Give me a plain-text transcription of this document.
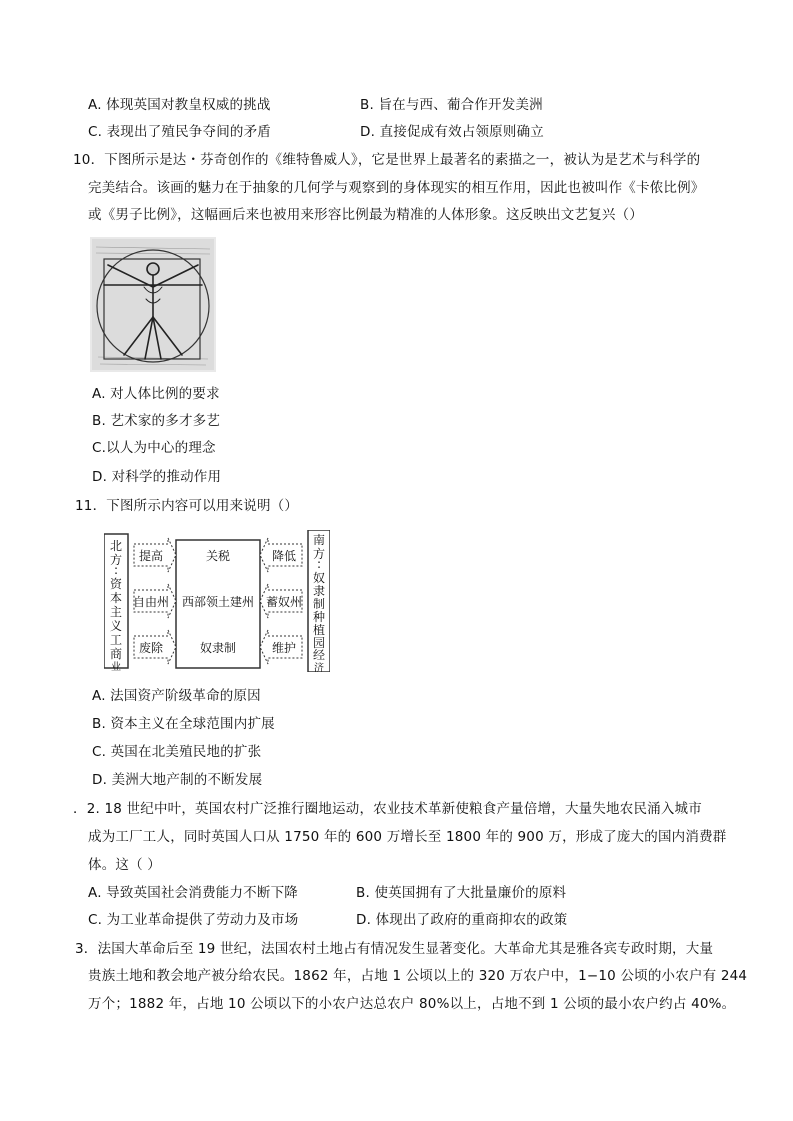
A. 体现英国对教皇权威的挑战	B. 旨在与西、葡合作开发美洲
C. 表现出了殖民争夺间的矛盾	D. 直接促成有效占领原则确立
10．下图所示是达・芬奇创作的《维特鲁威人》，它是世界上最著名的素描之一，被认为是艺术与科学的
完美结合。该画的魅力在于抽象的几何学与观察到的身体现实的相互作用，因此也被叫作《卡侬比例》
或《男子比例》，这幅画后来也被用来形容比例最为精准的人体形象。这反映出文艺复兴（）
A. 对人体比例的要求
B. 艺术家的多才多艺
C.以人为中心的理念
D. 对科学的推动作用
11．下图所示内容可以用来说明（）
北
方
:
资
本
主
义
工
商
业
南
方
:
奴
隶
制
种
植
园
经
济
提高
自由州
废除
关税
西部领土建州
奴隶制
降低
蓄奴州
维护
A. 法国资产阶级革命的原因
B. 资本主义在全球范围内扩展
C. 英国在北美殖民地的扩张
D. 美洲大地产制的不断发展
．2. 18 世纪中叶，英国农村广泛推行圈地运动，农业技术革新使粮食产量倍增，大量失地农民涌入城市
成为工厂工人，同时英国人口从 1750 年的 600 万增长至 1800 年的 900 万，形成了庞大的国内消费群
体。这（ ）
A. 导致英国社会消费能力不断下降	B. 使英国拥有了大批量廉价的原料
C. 为工业革命提供了劳动力及市场	D. 体现出了政府的重商抑农的政策
3．法国大革命后至 19 世纪，法国农村土地占有情况发生显著变化。大革命尤其是雅各宾专政时期，大量
贵族土地和教会地产被分给农民。1862 年，占地 1 公顷以上的 320 万农户中，1−10 公顷的小农户有 244
万个；1882 年，占地 10 公顷以下的小农户达总农户 80%以上，占地不到 1 公顷的最小农户约占 40%。
